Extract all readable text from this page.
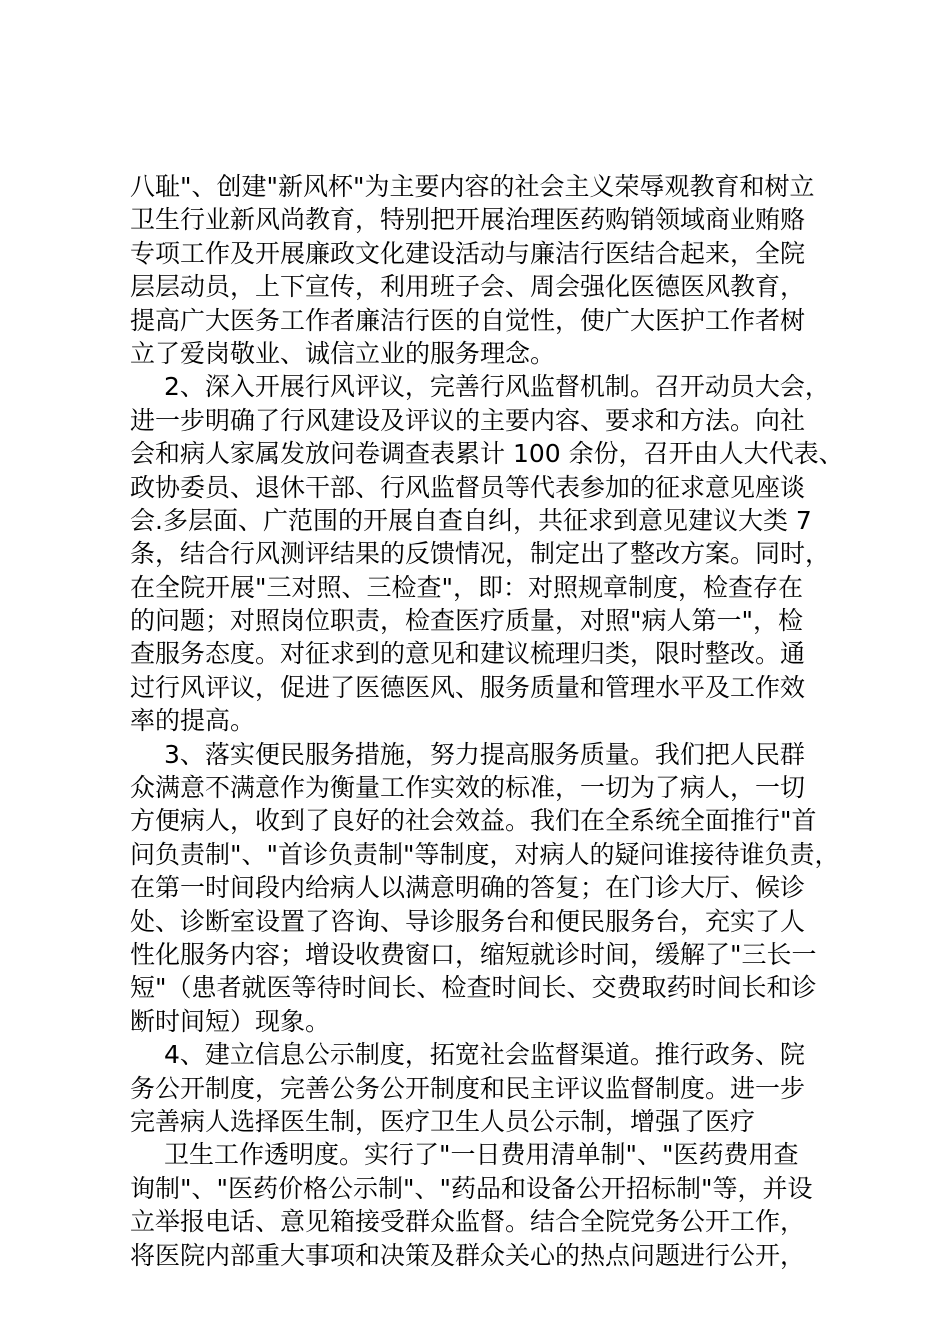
八耻"、创建"新风杯"为主要内容的社会主义荣辱观教育和树立
卫生行业新风尚教育，特别把开展治理医药购销领域商业贿赂
专项工作及开展廉政文化建设活动与廉洁行医结合起来，全院
层层动员，上下宣传，利用班子会、周会强化医德医风教育，
提高广大医务工作者廉洁行医的自觉性，使广大医护工作者树
立了爱岗敬业、诚信立业的服务理念。
2、深入开展行风评议，完善行风监督机制。召开动员大会，
进一步明确了行风建设及评议的主要内容、要求和方法。向社
会和病人家属发放问卷调查表累计 100 余份，召开由人大代表、
政协委员、退休干部、行风监督员等代表参加的征求意见座谈
会.多层面、广范围的开展自查自纠，共征求到意见建议大类 7
条，结合行风测评结果的反馈情况，制定出了整改方案。同时，
在全院开展"三对照、三检查"，即：对照规章制度，检查存在
的问题；对照岗位职责，检查医疗质量，对照"病人第一"，检
查服务态度。对征求到的意见和建议梳理归类，限时整改。通
过行风评议，促进了医德医风、服务质量和管理水平及工作效
率的提高。
3、落实便民服务措施，努力提高服务质量。我们把人民群
众满意不满意作为衡量工作实效的标准，一切为了病人，一切
方便病人，收到了良好的社会效益。我们在全系统全面推行"首
问负责制"、"首诊负责制"等制度，对病人的疑问谁接待谁负责，
在第一时间段内给病人以满意明确的答复；在门诊大厅、候诊
处、诊断室设置了咨询、导诊服务台和便民服务台，充实了人
性化服务内容；增设收费窗口，缩短就诊时间，缓解了"三长一
短"（患者就医等待时间长、检查时间长、交费取药时间长和诊
断时间短）现象。
4、建立信息公示制度，拓宽社会监督渠道。推行政务、院
务公开制度，完善公务公开制度和民主评议监督制度。进一步
完善病人选择医生制，医疗卫生人员公示制，增强了医疗
卫生工作透明度。实行了"一日费用清单制"、"医药费用查
询制"、"医药价格公示制"、"药品和设备公开招标制"等，并设
立举报电话、意见箱接受群众监督。结合全院党务公开工作，
将医院内部重大事项和决策及群众关心的热点问题进行公开，
